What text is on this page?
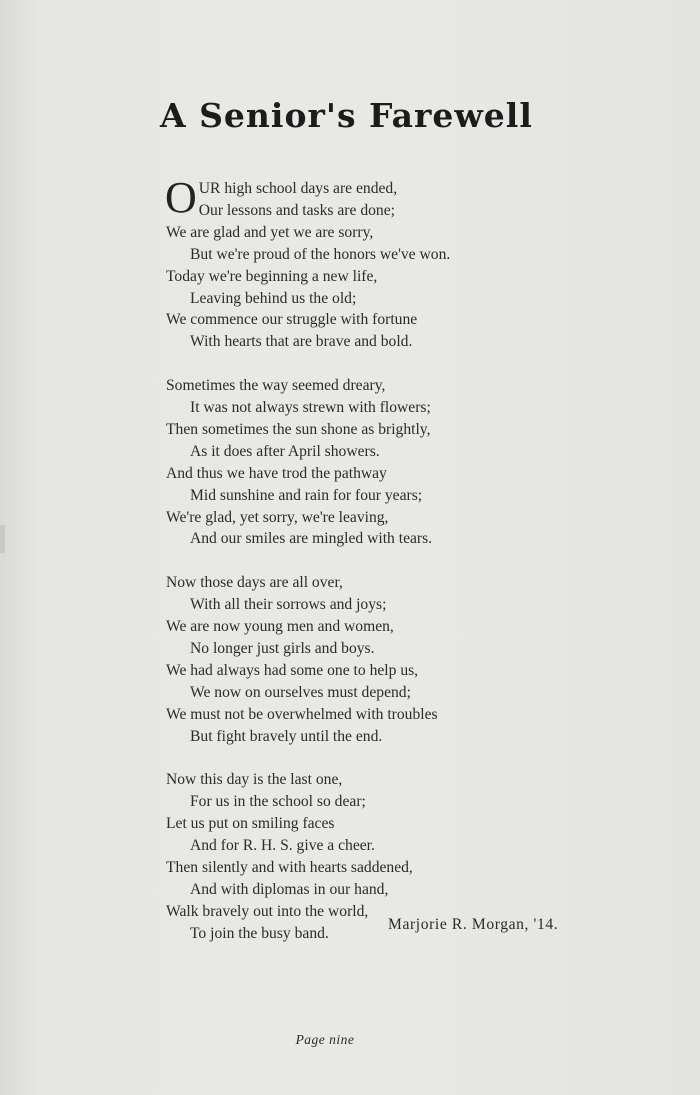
A Senior's Farewell
OUR high school days are ended,
Our lessons and tasks are done;
We are glad and yet we are sorry,
But we're proud of the honors we've won.
Today we're beginning a new life,
Leaving behind us the old;
We commence our struggle with fortune
With hearts that are brave and bold.
Sometimes the way seemed dreary,
It was not always strewn with flowers;
Then sometimes the sun shone as brightly,
As it does after April showers.
And thus we have trod the pathway
Mid sunshine and rain for four years;
We're glad, yet sorry, we're leaving,
And our smiles are mingled with tears.
Now those days are all over,
With all their sorrows and joys;
We are now young men and women,
No longer just girls and boys.
We had always had some one to help us,
We now on ourselves must depend;
We must not be overwhelmed with troubles
But fight bravely until the end.
Now this day is the last one,
For us in the school so dear;
Let us put on smiling faces
And for R. H. S. give a cheer.
Then silently and with hearts saddened,
And with diplomas in our hand,
Walk bravely out into the world,
To join the busy band.
Marjorie R. Morgan, '14.
Page nine
